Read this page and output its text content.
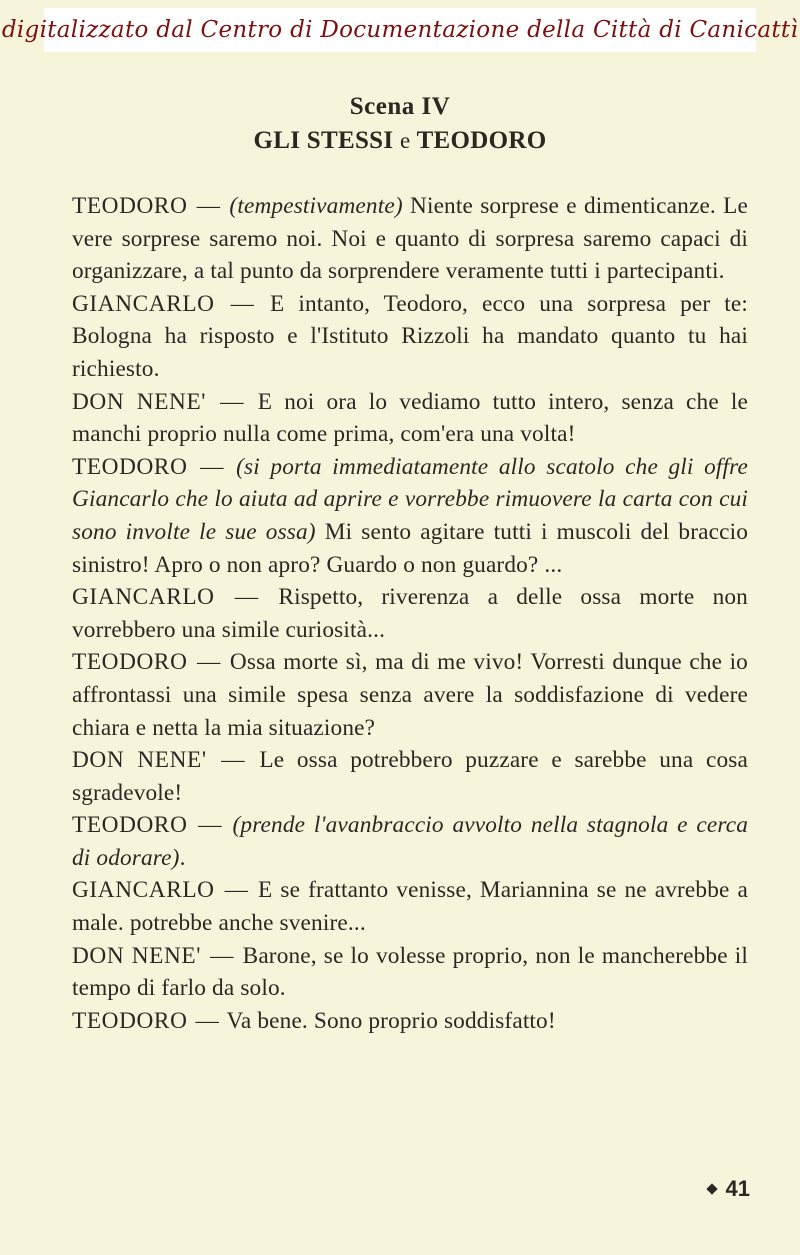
digitalizzato dal Centro di Documentazione della Città di Canicattì
Scena IV
GLI STESSI e TEODORO

TEODORO — (tempestivamente) Niente sorprese e dimenticanze. Le vere sorprese saremo noi. Noi e quanto di sorpresa saremo capaci di organizzare, a tal punto da sorprendere veramente tutti i partecipanti.

GIANCARLO — E intanto, Teodoro, ecco una sorpresa per te: Bologna ha risposto e l'Istituto Rizzoli ha mandato quanto tu hai richiesto.

DON NENE' — E noi ora lo vediamo tutto intero, senza che le manchi proprio nulla come prima, com'era una volta!

TEODORO — (si porta immediatamente allo scatolo che gli offre Giancarlo che lo aiuta ad aprire e vorrebbe rimuovere la carta con cui sono involte le sue ossa) Mi sento agitare tutti i muscoli del braccio sinistro! Apro o non apro? Guardo o non guardo? ...

GIANCARLO — Rispetto, riverenza a delle ossa morte non vorrebbero una simile curiosità...

TEODORO — Ossa morte sì, ma di me vivo! Vorresti dunque che io affrontassi una simile spesa senza avere la soddisfazione di vedere chiara e netta la mia situazione?

DON NENE' — Le ossa potrebbero puzzare e sarebbe una cosa sgradevole!

TEODORO — (prende l'avanbraccio avvolto nella stagnola e cerca di odorare).

GIANCARLO — E se frattanto venisse, Mariannina se ne avrebbe a male. potrebbe anche svenire...

DON NENE' — Barone, se lo volesse proprio, non le mancherebbe il tempo di farlo da solo.

TEODORO — Va bene. Sono proprio soddisfatto!

41
